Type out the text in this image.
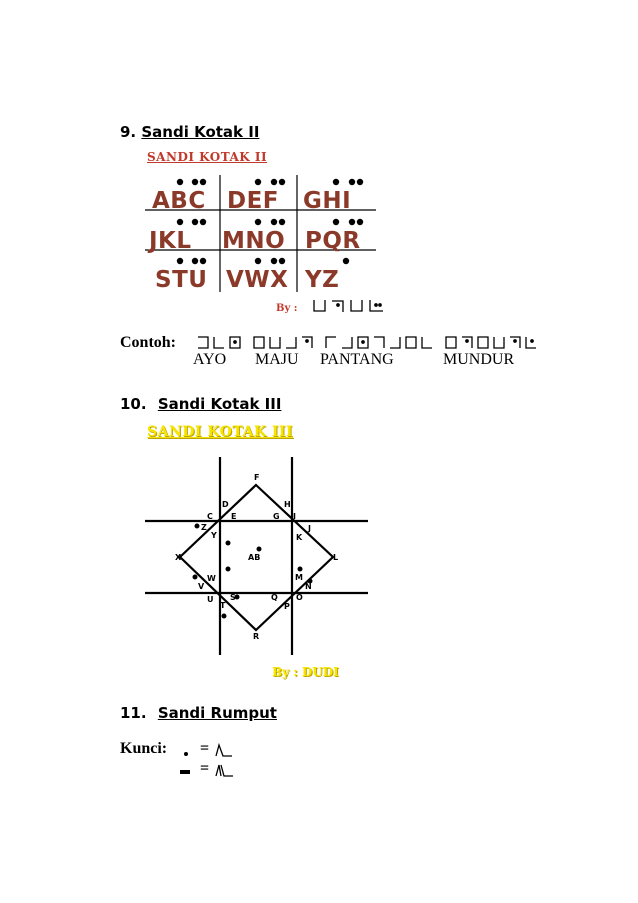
9. Sandi Kotak II
SANDI KOTAK II
ABC DEF GHI
JKL MNO PQR
STU VWX YZ
By :
Contoh:
AYO MAJU PANTANG	MUNDUR
10. Sandi Kotak III
SANDI KOTAK III
F
D	H
C E	G I
Z	J
Y	K
X	AB	L
M
W
N
V
U S	Q O
T	P
R
By : DUDI
11. Sandi Rumput
Kunci: =
=
